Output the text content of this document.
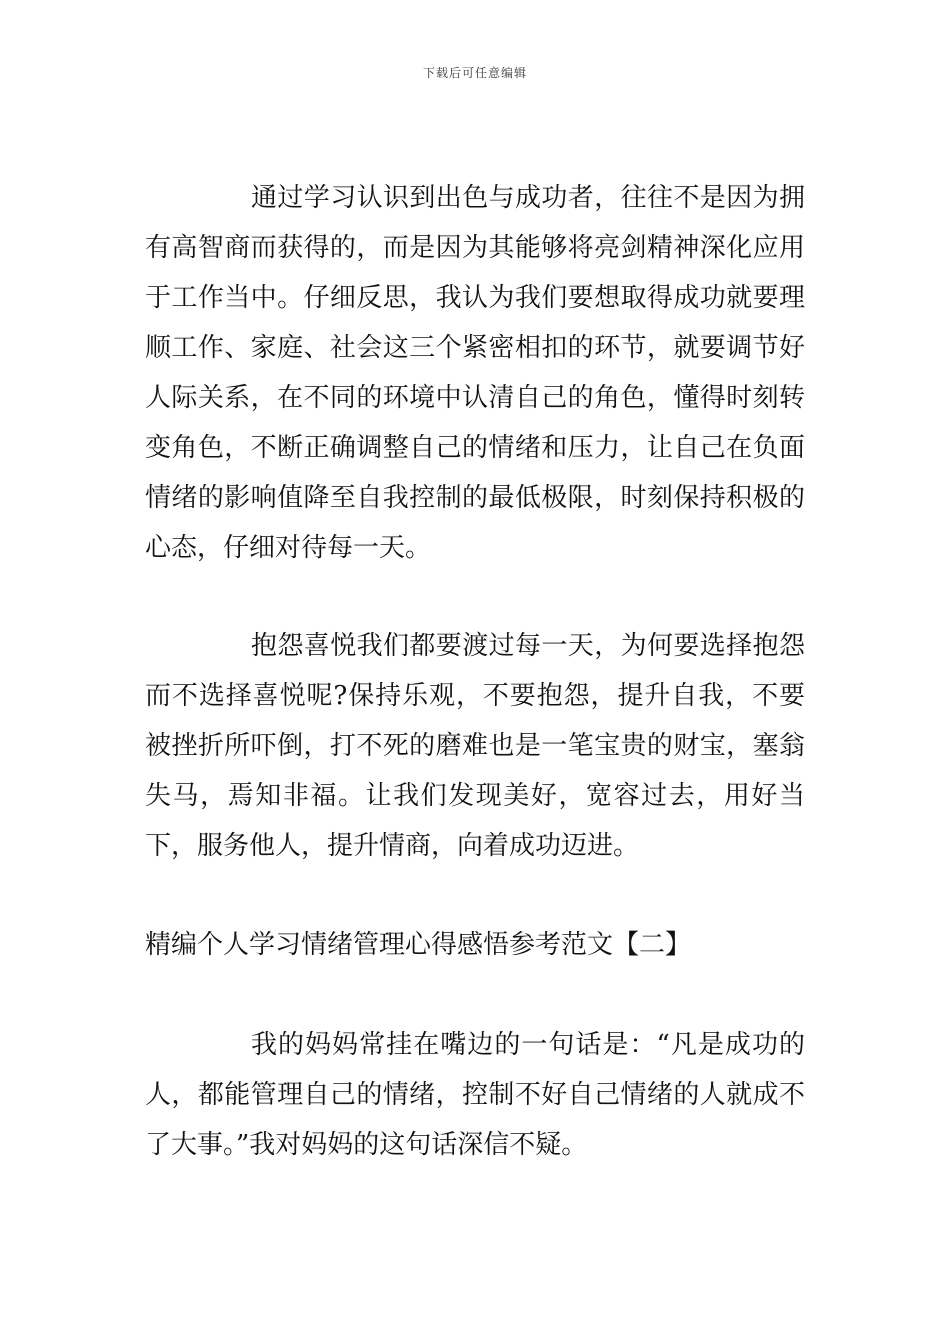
下载后可任意编辑

通过学习认识到出色与成功者，往往不是因为拥有高智商而获得的，而是因为其能够将亮剑精神深化应用于工作当中。仔细反思，我认为我们要想取得成功就要理顺工作、家庭、社会这三个紧密相扣的环节，就要调节好人际关系，在不同的环境中认清自己的角色，懂得时刻转变角色，不断正确调整自己的情绪和压力，让自己在负面情绪的影响值降至自我控制的最低极限，时刻保持积极的心态，仔细对待每一天。

抱怨喜悦我们都要渡过每一天，为何要选择抱怨而不选择喜悦呢?保持乐观，不要抱怨，提升自我，不要被挫折所吓倒，打不死的磨难也是一笔宝贵的财宝，塞翁失马，焉知非福。让我们发现美好，宽容过去，用好当下，服务他人，提升情商，向着成功迈进。

精编个人学习情绪管理心得感悟参考范文【二】

我的妈妈常挂在嘴边的一句话是：“凡是成功的人，都能管理自己的情绪，控制不好自己情绪的人就成不了大事。”我对妈妈的这句话深信不疑。
